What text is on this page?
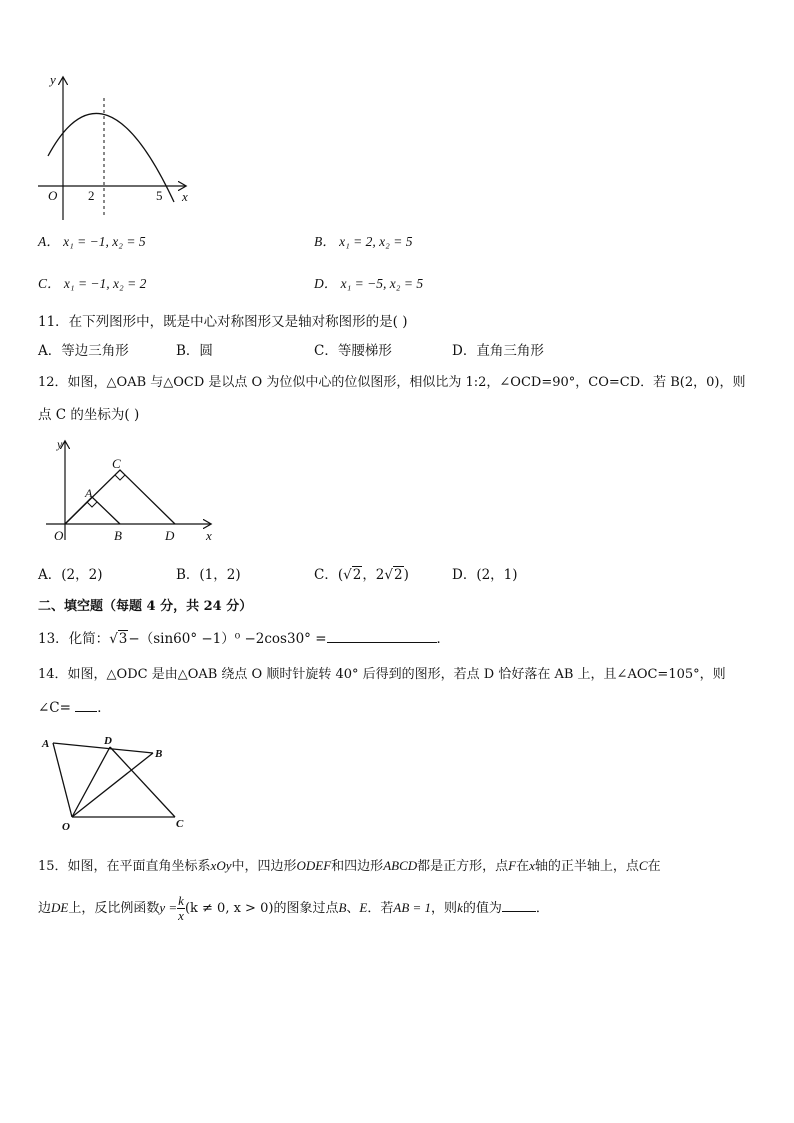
y
x
O 2	5
A． x₁ = −1, x₂ = 5	B． x₁ = 2, x₂ = 5
C． x₁ = −1, x₂ = 2	D． x₁ = −5, x₂ = 5
11．在下列图形中，既是中心对称图形又是轴对称图形的是( )
A．等边三角形	B．圆	C．等腰梯形	D．直角三角形
12．如图，△OAB 与△OCD 是以点 O 为位似中心的位似图形，相似比为 1:2，∠OCD=90°，CO=CD．若 B(2，0)，则
点 C 的坐标为( )
y
x
O
A
B
C
D
A．(2，2)	B．(1，2)	C．(√2，2√2)	D．(2，1)
二、填空题（每题 4 分，共 24 分）
13．化简：√3−（sin60° −1）⁰ −2cos30° =	．
14．如图，△ODC 是由△OAB 绕点 O 顺时针旋转 40° 后得到的图形，若点 D 恰好落在 AB 上，且∠AOC=105°，则
∠C= ．
A	D
B
O	C
15．如图，在平面直角坐标系xOy中，四边形ODEF和四边形ABCD都是正方形，点F在x轴的正半轴上，点C在
边DE上，反比例函数$y = \frac{k}{x} (k \ne 0$, x > 0)的图象过点B、E．若AB = 1，则k的值为	．
